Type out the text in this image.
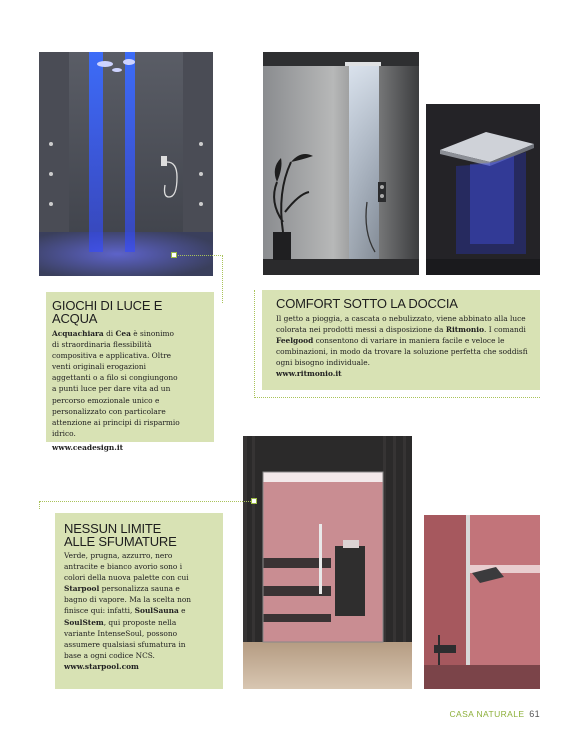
GIOCHI DI LUCE E ACQUA

Acquachiara di Cea è sinonimo di straordinaria flessibilità compositiva e applicativa. Oltre venti originali erogazioni aggettanti o a filo si congiungono a punti luce per dare vita ad un percorso emozionale unico e personalizzato con particolare attenzione ai principi di risparmio idrico.

www.ceadesign.it

COMFORT SOTTO LA DOCCIA

Il getto a pioggia, a cascata o nebulizzato, viene abbinato alla luce colorata nei prodotti messi a disposizione da Ritmonio. I comandi Feelgood consentono di variare in maniera facile e veloce le combinazioni, in modo da trovare la soluzione perfetta che soddisfi ogni bisogno individuale.

www.ritmonio.it

NESSUN LIMITE
ALLE SFUMATURE

Verde, prugna, azzurro, nero antracite e bianco avorio sono i colori della nuova palette con cui Starpool personalizza sauna e bagno di vapore. Ma la scelta non finisce qui: infatti, SoulSauna e SoulStem, qui proposte nella variante IntenseSoul, possono assumere qualsiasi sfumatura in base a ogni codice NCS.

www.starpool.com

CASA NATURALE 61
